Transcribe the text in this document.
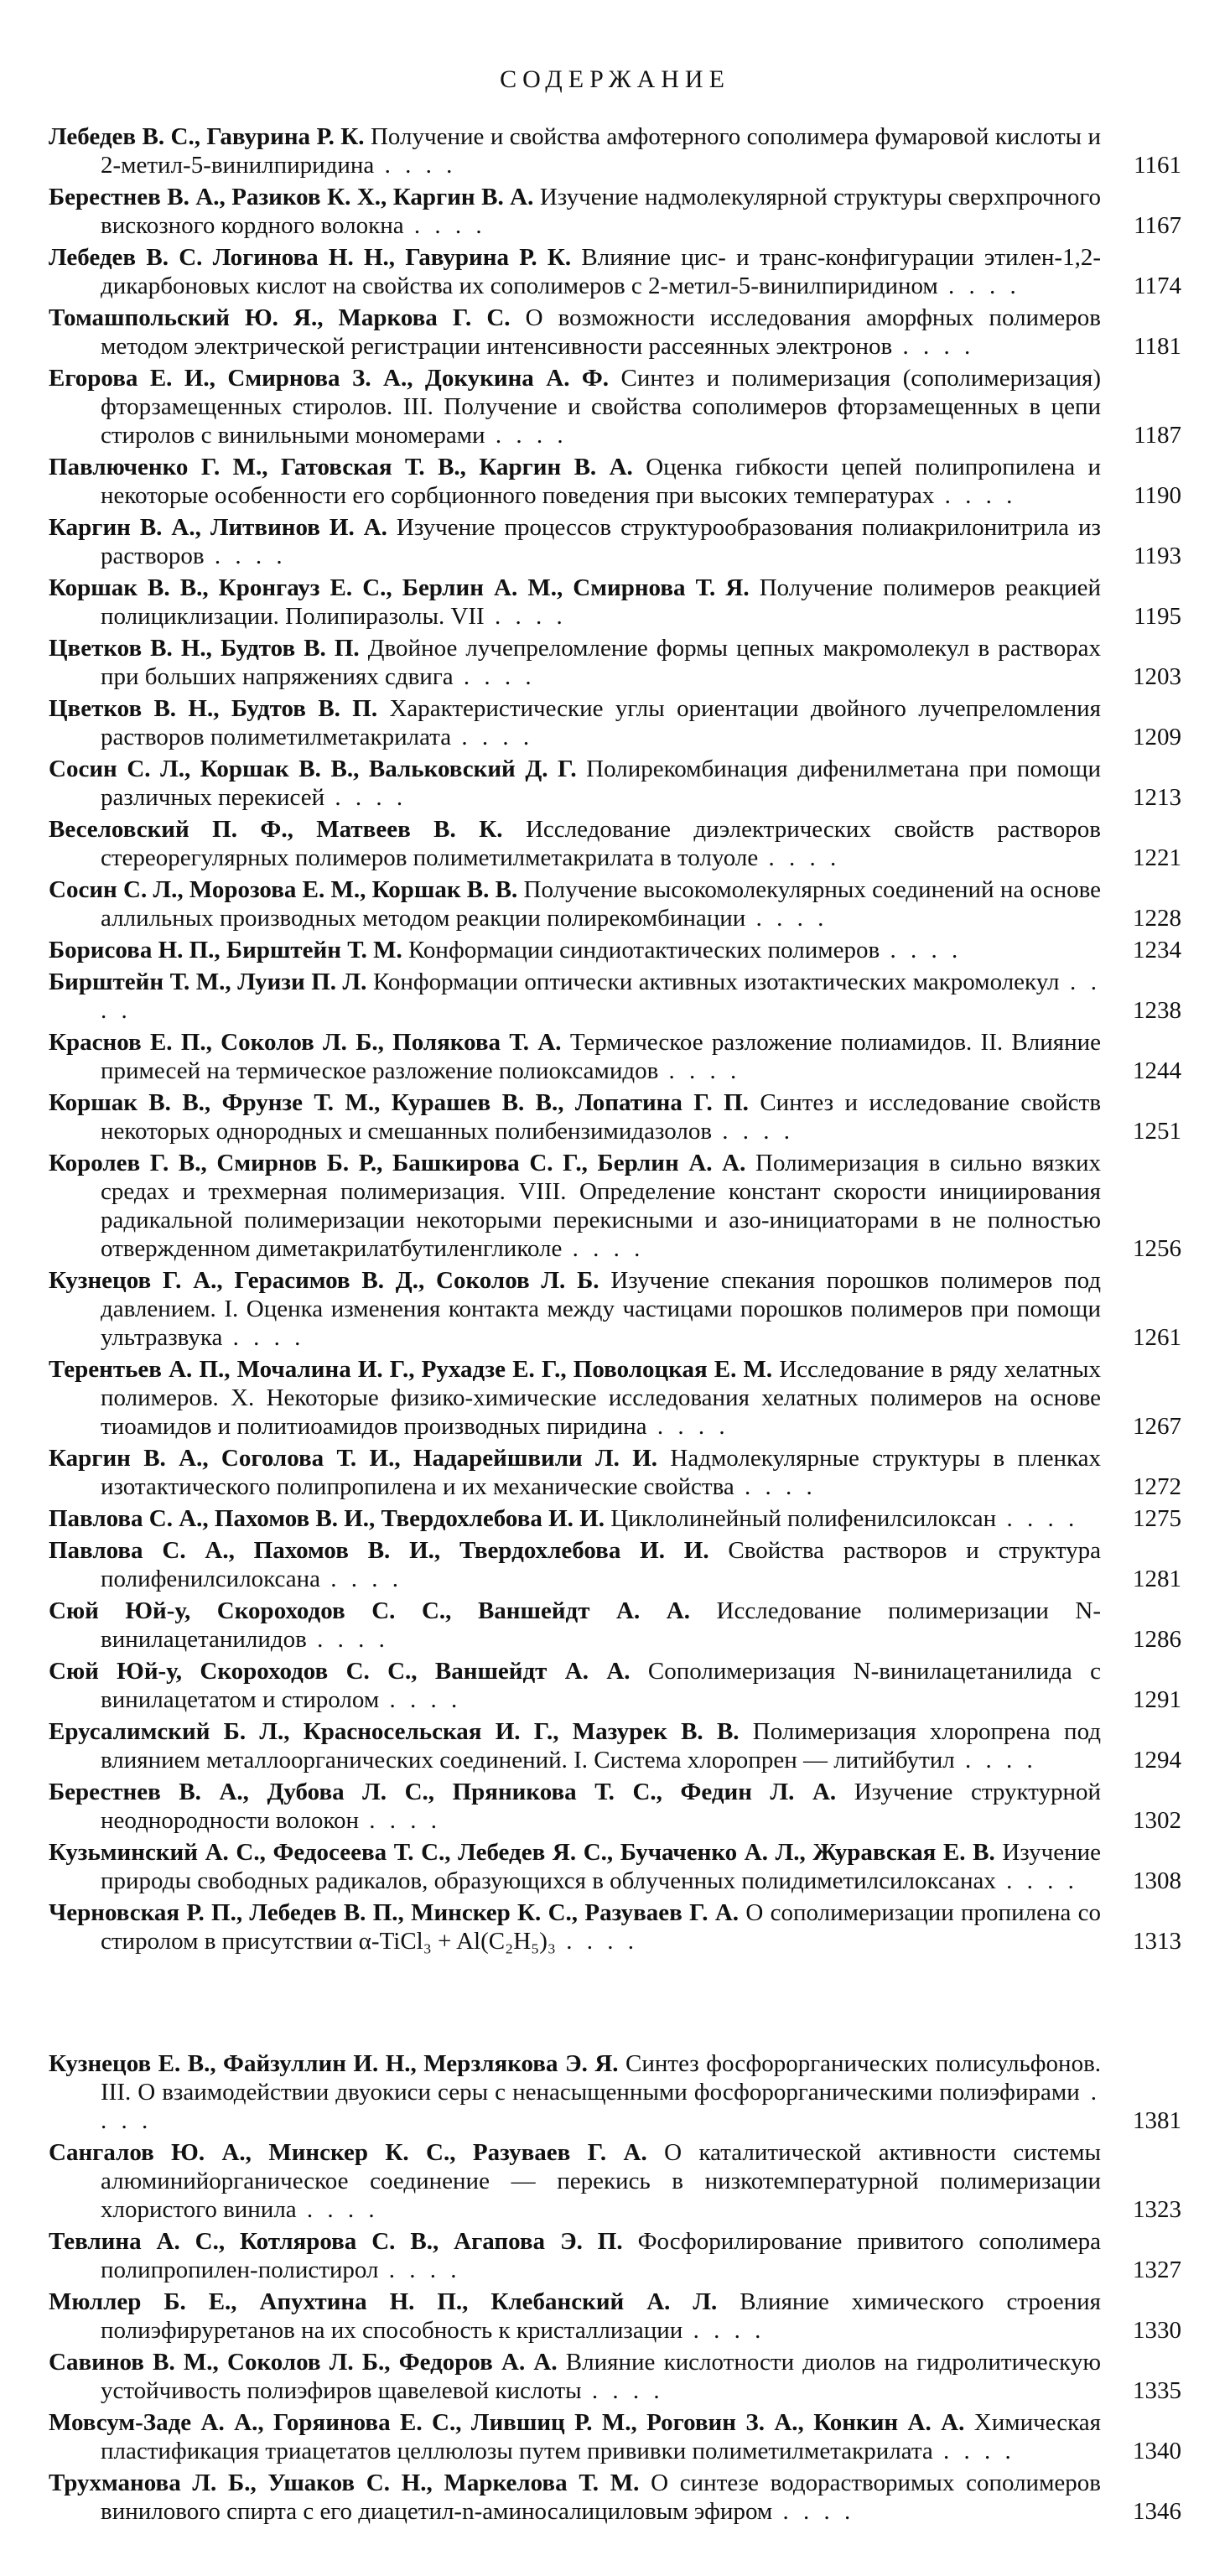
СОДЕРЖАНИЕ
Лебедев В. С., Гавурина Р. К. Получение и свойства амфотерного сополимера фумаровой кислоты и 2-метил-5-винилпиридина . . . .	1161
Берестнев В. А., Разиков К. Х., Каргин В. А. Изучение надмолекулярной структуры сверхпрочного вискозного кордного волокна . . . .	1167
Лебедев В. С. Логинова Н. Н., Гавурина Р. К. Влияние цис- и транс-конфигурации этилен-1,2-дикарбоновых кислот на свойства их сополимеров с 2-метил-5-винилпиридином . . . .	1174
Томашпольский Ю. Я., Маркова Г. С. О возможности исследования аморфных полимеров методом электрической регистрации интенсивности рассеянных электронов . . . .	1181
Егорова Е. И., Смирнова З. А., Докукина А. Ф. Синтез и полимеризация (сополимеризация) фторзамещенных стиролов. III. Получение и свойства сополимеров фторзамещенных в цепи стиролов с винильными мономерами . . . .	1187
Павлюченко Г. М., Гатовская Т. В., Каргин В. А. Оценка гибкости цепей полипропилена и некоторые особенности его сорбционного поведения при высоких температурах . . . .	1190
Каргин В. А., Литвинов И. А. Изучение процессов структурообразования полиакрилонитрила из растворов . . . .	1193
Коршак В. В., Кронгауз Е. С., Берлин А. М., Смирнова Т. Я. Получение полимеров реакцией полициклизации. Полипиразолы. VII . . . .	1195
Цветков В. Н., Будтов В. П. Двойное лучепреломление формы цепных макромолекул в растворах при больших напряжениях сдвига . . . .	1203
Цветков В. Н., Будтов В. П. Характеристические углы ориентации двойного лучепреломления растворов полиметилметакрилата . . . .	1209
Сосин С. Л., Коршак В. В., Вальковский Д. Г. Полирекомбинация дифенилметана при помощи различных перекисей . . . .	1213
Веселовский П. Ф., Матвеев В. К. Исследование диэлектрических свойств растворов стереорегулярных полимеров полиметилметакрилата в толуоле . . . .	1221
Сосин С. Л., Морозова Е. М., Коршак В. В. Получение высокомолекулярных соединений на основе аллильных производных методом реакции полирекомбинации . . . .	1228
Борисова Н. П., Бирштейн Т. М. Конформации синдиотактических полимеров . . . .	1234
Бирштейн Т. М., Луизи П. Л. Конформации оптически активных изотактических макромолекул . . . .	1238
Краснов Е. П., Соколов Л. Б., Полякова Т. А. Термическое разложение полиамидов. II. Влияние примесей на термическое разложение полиоксамидов . . . .	1244
Коршак В. В., Фрунзе Т. М., Курашев В. В., Лопатина Г. П. Синтез и исследование свойств некоторых однородных и смешанных полибензимидазолов . . . .	1251
Королев Г. В., Смирнов Б. Р., Башкирова С. Г., Берлин А. А. Полимеризация в сильно вязких средах и трехмерная полимеризация. VIII. Определение констант скорости инициирования радикальной полимеризации некоторыми перекисными и азо-инициаторами в не полностью отвержденном диметакрилатбутиленгликоле . . . .	1256
Кузнецов Г. А., Герасимов В. Д., Соколов Л. Б. Изучение спекания порошков полимеров под давлением. I. Оценка изменения контакта между частицами порошков полимеров при помощи ультразвука . . . .	1261
Терентьев А. П., Мочалина И. Г., Рухадзе Е. Г., Поволоцкая Е. М. Исследование в ряду хелатных полимеров. X. Некоторые физико-химические исследования хелатных полимеров на основе тиоамидов и политиоамидов производных пиридина . . . .	1267
Каргин В. А., Соголова Т. И., Надарейшвили Л. И. Надмолекулярные структуры в пленках изотактического полипропилена и их механические свойства . . . .	1272
Павлова С. А., Пахомов В. И., Твердохлебова И. И. Циклолинейный полифенилсилоксан . . . .	1275
Павлова С. А., Пахомов В. И., Твердохлебова И. И. Свойства растворов и структура полифенилсилоксана . . . .	1281
Сюй Юй-у, Скороходов С. С., Ваншейдт А. А. Исследование полимеризации N-винилацетанилидов . . . .	1286
Сюй Юй-у, Скороходов С. С., Ваншейдт А. А. Сополимеризация N-винилацетанилида с винилацетатом и стиролом . . . .	1291
Ерусалимский Б. Л., Красносельская И. Г., Мазурек В. В. Полимеризация хлоропрена под влиянием металлоорганических соединений. I. Система хлоропрен — литийбутил . . . .	1294
Берестнев В. А., Дубова Л. С., Пряникова Т. С., Федин Л. А. Изучение структурной неоднородности волокон . . . .	1302
Кузьминский А. С., Федосеева Т. С., Лебедев Я. С., Бучаченко А. Л., Журавская Е. В. Изучение природы свободных радикалов, образующихся в облученных полидиметилсилоксанах . . . .	1308
Черновская Р. П., Лебедев В. П., Минскер К. С., Разуваев Г. А. О сополимеризации пропилена со стиролом в присутствии α-TiCl₃ + Al(C₂H₅)₃ . . . .	1313
Кузнецов Е. В., Файзуллин И. Н., Мерзлякова Э. Я. Синтез фосфорорганических полисульфонов. III. О взаимодействии двуокиси серы с ненасыщенными фосфорорганическими полиэфирами . . . .	1381
Сангалов Ю. А., Минскер К. С., Разуваев Г. А. О каталитической активности системы алюминийорганическое соединение — перекись в низкотемпературной полимеризации хлористого винила . . . .	1323
Тевлина А. С., Котлярова С. В., Агапова Э. П. Фосфорилирование привитого сополимера полипропилен-полистирол . . . .	1327
Мюллер Б. Е., Апухтина Н. П., Клебанский А. Л. Влияние химического строения полиэфируретанов на их способность к кристаллизации . . . .	1330
Савинов В. М., Соколов Л. Б., Федоров А. А. Влияние кислотности диолов на гидролитическую устойчивость полиэфиров щавелевой кислоты . . . .	1335
Мовсум-Заде А. А., Горяинова Е. С., Лившиц Р. М., Роговин З. А., Конкин А. А. Химическая пластификация триацетатов целлюлозы путем прививки полиметилметакрилата . . . .	1340
Трухманова Л. Б., Ушаков С. Н., Маркелова Т. М. О синтезе водорастворимых сополимеров винилового спирта с его диацетил-n-аминосалициловым эфиром . . . .	1346
